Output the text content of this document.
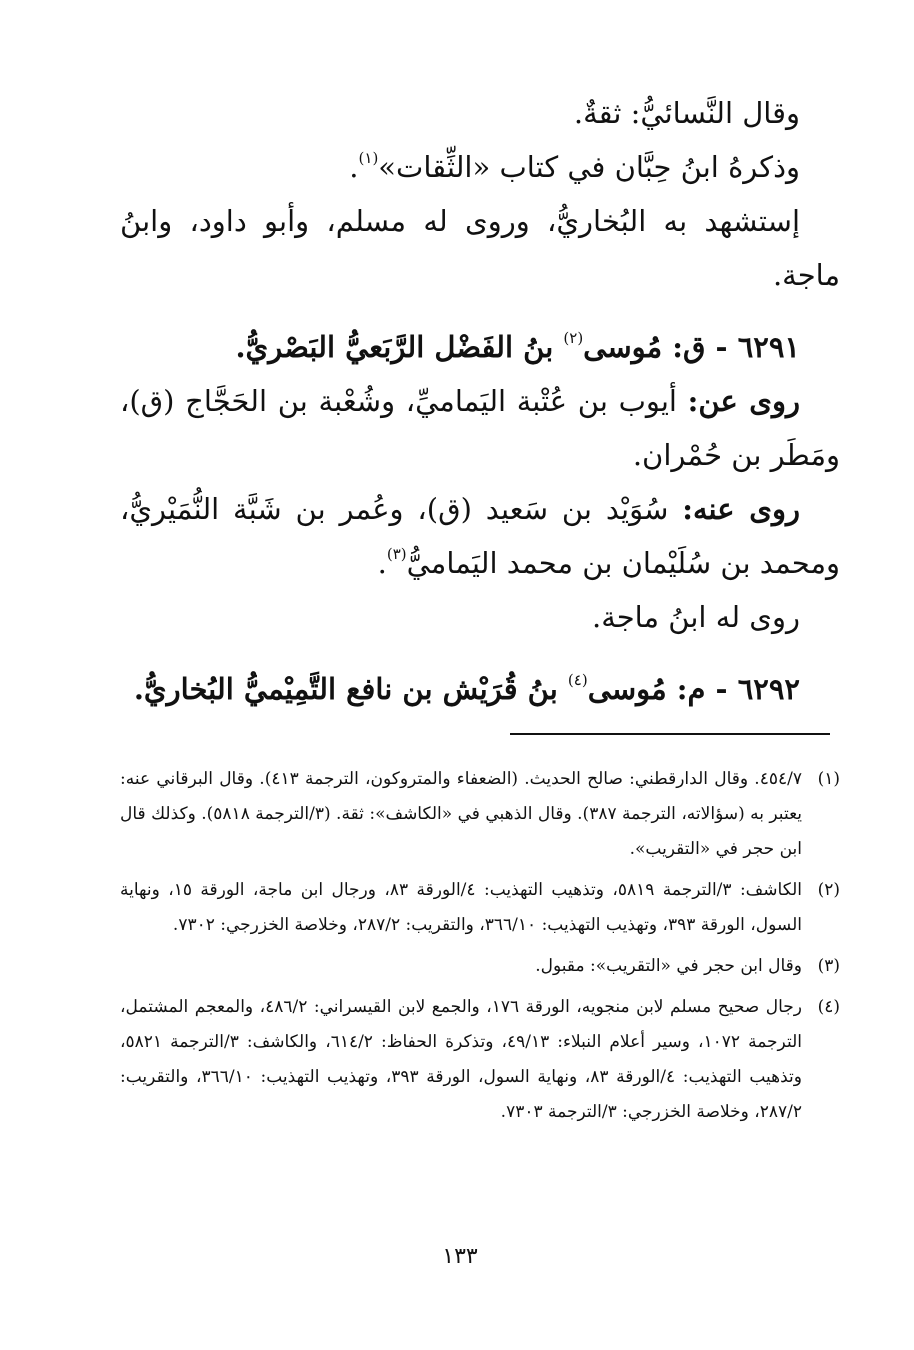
وقال النَّسائيُّ: ثقةٌ.
وذكرهُ ابنُ حِبَّان في كتاب «الثِّقات»$^{(١)}$.
إستشهد به البُخاريُّ، وروى له مسلم، وأبو داود، وابنُ
ماجة.
٦٢٩١ - ق: مُوسى$^{(٢)}$ بنُ الفَضْل الرَّبَعيُّ البَصْريُّ.
روى عن: أيوب بن عُتْبة اليَماميِّ، وشُعْبة بن الحَجَّاج (ق)،
ومَطَر بن حُمْران.
روى عنه: سُوَيْد بن سَعيد (ق)، وعُمر بن شَبَّة النُّمَيْريُّ،
ومحمد بن سُلَيْمان بن محمد اليَماميُّ$^{(٣)}$.
روى له ابنُ ماجة.
٦٢٩٢ - م: مُوسى$^{(٤)}$ بنُ قُرَيْش بن نافع التَّمِيْميُّ البُخاريُّ.
(١)
٤٥٤/٧. وقال الدارقطني: صالح الحديث. (الضعفاء والمتروكون، الترجمة ٤١٣). وقال البرقاني عنه: يعتبر به (سؤالاته، الترجمة ٣٨٧). وقال الذهبي في «الكاشف»: ثقة. (٣/الترجمة ٥٨١٨). وكذلك قال ابن حجر في «التقريب».
(٢)
الكاشف: ٣/الترجمة ٥٨١٩، وتذهيب التهذيب: ٤/الورقة ٨٣، ورجال ابن ماجة، الورقة ١٥، ونهاية السول، الورقة ٣٩٣، وتهذيب التهذيب: ٣٦٦/١٠، والتقريب: ٢٨٧/٢، وخلاصة الخزرجي: ٧٣٠٢.
(٣)
وقال ابن حجر في «التقريب»: مقبول.
(٤)
رجال صحيح مسلم لابن منجويه، الورقة ١٧٦، والجمع لابن القيسراني: ٤٨٦/٢، والمعجم المشتمل، الترجمة ١٠٧٢، وسير أعلام النبلاء: ٤٩/١٣، وتذكرة الحفاظ: ٦١٤/٢، والكاشف: ٣/الترجمة ٥٨٢١، وتذهيب التهذيب: ٤/الورقة ٨٣، ونهاية السول، الورقة ٣٩٣، وتهذيب التهذيب: ٣٦٦/١٠، والتقريب: ٢٨٧/٢، وخلاصة الخزرجي: ٣/الترجمة ٧٣٠٣.
١٣٣
